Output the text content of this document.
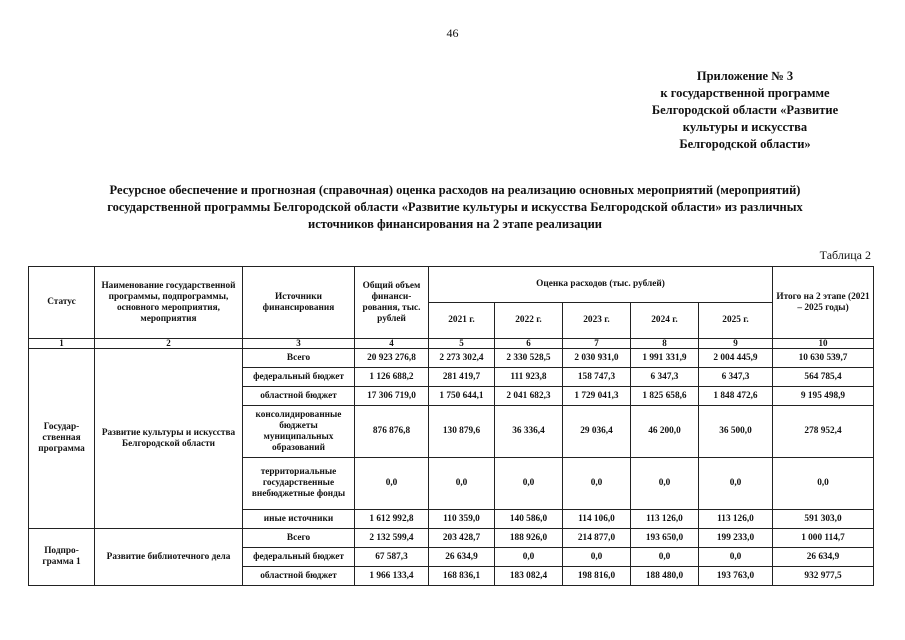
46
Приложение № 3
к государственной программе
Белгородской области «Развитие
культуры и искусства
Белгородской области»
Ресурсное обеспечение и прогнозная (справочная) оценка расходов на реализацию основных мероприятий (мероприятий)
государственной программы Белгородской области «Развитие культуры и искусства Белгородской области» из различных
источников финансирования на 2 этапе реализации
Таблица 2
Статус	Наименование государственной программы, подпрограммы, основного мероприятия, мероприятия	Источники финансирования	Общий объем финанси-рования, тыс. рублей	Оценка расходов (тыс. рублей)					Итого на 2 этапе (2021 – 2025 годы)
				2021 г.	2022 г.	2023 г.	2024 г.	2025 г.	
1	2	3	4	5	6	7	8	9	10
Государ-ственная программа	Развитие культуры и искусства Белгородской области	Всего	20 923 276,8	2 273 302,4	2 330 528,5	2 030 931,0	1 991 331,9	2 004 445,9	10 630 539,7
		федеральный бюджет	1 126 688,2	281 419,7	111 923,8	158 747,3	6 347,3	6 347,3	564 785,4
		областной бюджет	17 306 719,0	1 750 644,1	2 041 682,3	1 729 041,3	1 825 658,6	1 848 472,6	9 195 498,9
		консолидированные бюджеты муниципальных образований	876 876,8	130 879,6	36 336,4	29 036,4	46 200,0	36 500,0	278 952,4
		территориальные государственные внебюджетные фонды	0,0	0,0	0,0	0,0	0,0	0,0	0,0
		иные источники	1 612 992,8	110 359,0	140 586,0	114 106,0	113 126,0	113 126,0	591 303,0
Подпро-грамма 1	Развитие библиотечного дела	Всего	2 132 599,4	203 428,7	188 926,0	214 877,0	193 650,0	199 233,0	1 000 114,7
		федеральный бюджет	67 587,3	26 634,9	0,0	0,0	0,0	0,0	26 634,9
		областной бюджет	1 966 133,4	168 836,1	183 082,4	198 816,0	188 480,0	193 763,0	932 977,5
